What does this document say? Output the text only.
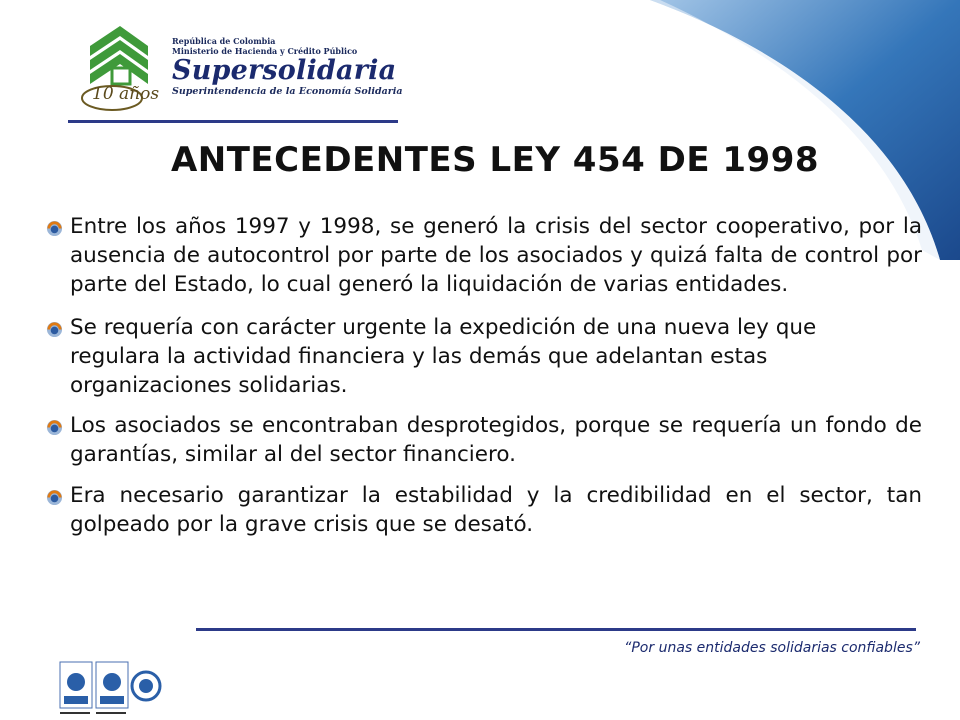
República de Colombia
Ministerio de Hacienda y Crédito Público
Supersolidaria
Superintendencia de la Economía Solidaria
10 años
ANTECEDENTES LEY 454 DE 1998
Entre los años 1997 y 1998, se generó la crisis del sector cooperativo, por la ausencia de autocontrol por parte de los asociados y quizá falta de control por parte del Estado, lo cual generó la liquidación de varias entidades.
Se requería con carácter urgente la expedición de una nueva ley que regulara la actividad financiera y las demás que adelantan estas organizaciones solidarias.
Los asociados se encontraban desprotegidos, porque se requería un fondo de garantías, similar al del sector financiero.
Era necesario garantizar la estabilidad y la credibilidad en el sector, tan golpeado por la grave crisis que se desató.
“Por unas entidades solidarias confiables”
